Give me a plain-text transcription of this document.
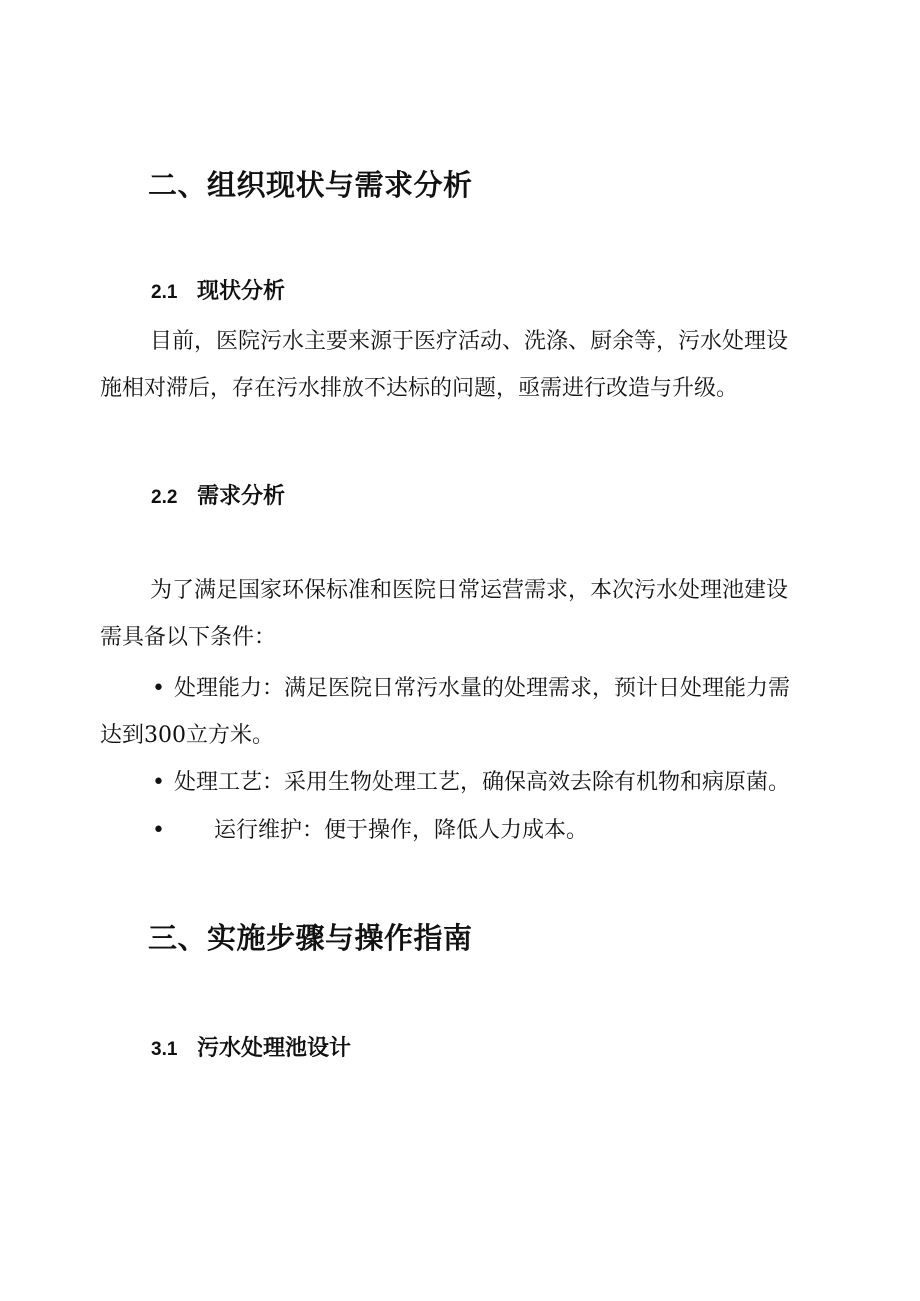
二、组织现状与需求分析
2.1 现状分析
目前，医院污水主要来源于医疗活动、洗涤、厨余等，污水处理设
施相对滞后，存在污水排放不达标的问题，亟需进行改造与升级。
2.2 需求分析
为了满足国家环保标准和医院日常运营需求，本次污水处理池建设
需具备以下条件：
• 处理能力：满足医院日常污水量的处理需求，预计日处理能力需
达到300立方米。
• 处理工艺：采用生物处理工艺，确保高效去除有机物和病原菌。
• 运行维护：便于操作，降低人力成本。
三、实施步骤与操作指南
3.1 污水处理池设计
